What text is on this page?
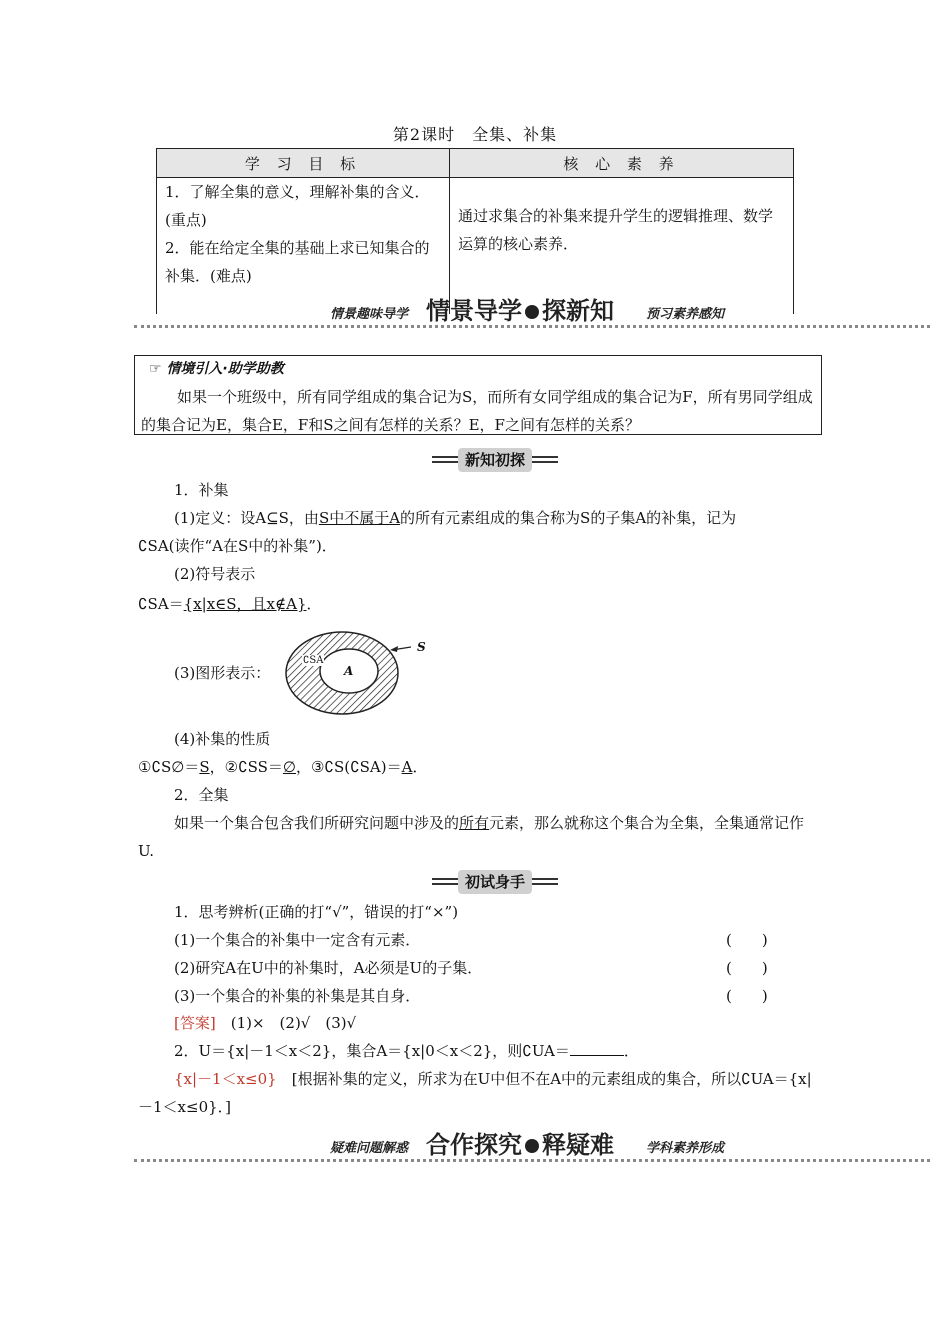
第2课时　全集、补集
学 习 目 标	核 心 素 养
1．了解全集的意义，理解补集的含义．(重点)
2．能在给定全集的基础上求已知集合的补集．(难点)	通过求集合的补集来提升学生的逻辑推理、数学运算的核心素养．
情景趣味导学 情景导学 探新知 预习素养感知
☞ 情境引入·助学助教
如果一个班级中，所有同学组成的集合记为S，而所有女同学组成的集合记为F，所有男同学组成的集合记为E，集合E，F和S之间有怎样的关系？E，F之间有怎样的关系？
新知初探
1．补集
(1)定义：设A⊆S，由S中不属于A的所有元素组成的集合称为S的子集A的补集，记为
∁SA(读作“A在S中的补集”)．
(2)符号表示
∁SA＝{x|x∈S，且x∉A}．
(3)图形表示：
S
A
∁SA
(4)补集的性质
①∁S∅＝S，②∁SS＝∅，③∁S(∁SA)＝A．
2．全集
如果一个集合包含我们所研究问题中涉及的所有元素，那么就称这个集合为全集，全集通常记作U.
初试身手
1．思考辨析(正确的打“√”，错误的打“×”)
(1)一个集合的补集中一定含有元素．	(　　)
(2)研究A在U中的补集时，A必须是U的子集．	(　　)
(3)一个集合的补集的补集是其自身．	(　　)
[答案]　 (1)×　(2)√　(3)√
2．U＝{x|－1＜x＜2}，集合A＝{x|0＜x＜2}，则∁UA＝	．
{x|－1＜x≤0}　 [根据补集的定义，所求为在U中但不在A中的元素组成的集合，所以∁UA＝{x|－1＜x≤0}．]
疑难问题解惑 合作探究 释疑难 学科素养形成
